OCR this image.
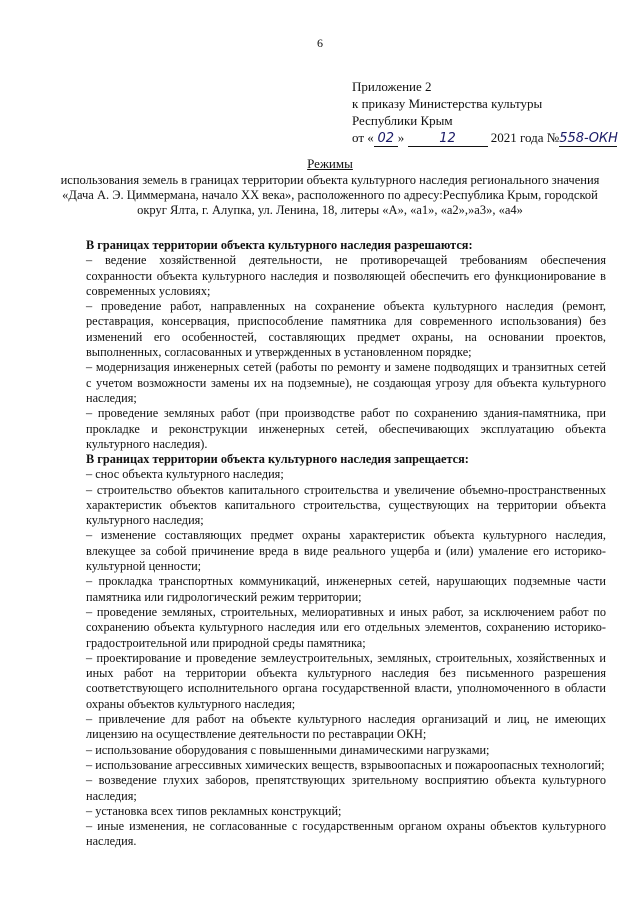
6
Приложение 2
к приказу Министерства культуры
Республики Крым
от « 02 »	12	2021 года №558-ОКН
Режимы
использования земель в границах территории объекта культурного наследия регионального значения «Дача А. Э. Циммермана, начало XX века», расположенного по адресу:Республика Крым, городской округ Ялта, г. Алупка, ул. Ленина, 18, литеры «А», «а1», «а2»,»а3», «а4»
В границах территории объекта культурного наследия разрешаются:

– ведение хозяйственной деятельности, не противоречащей требованиям обеспечения сохранности объекта культурного наследия и позволяющей обеспечить его функционирование в современных условиях;

– проведение работ, направленных на сохранение объекта культурного наследия (ремонт, реставрация, консервация, приспособление памятника для современного использования) без изменений его особенностей, составляющих предмет охраны, на основании проектов, выполненных, согласованных и утвержденных в установленном порядке;

– модернизация инженерных сетей (работы по ремонту и замене подводящих и транзитных сетей с учетом возможности замены их на подземные), не создающая угрозу для объекта культурного наследия;

– проведение земляных работ (при производстве работ по сохранению здания-памятника, при прокладке и реконструкции инженерных сетей, обеспечивающих эксплуатацию объекта культурного наследия).

В границах территории объекта культурного наследия запрещается:

– снос объекта культурного наследия;

– строительство объектов капитального строительства и увеличение объемно-пространственных характеристик объектов капитального строительства, существующих на территории объекта культурного наследия;

– изменение составляющих предмет охраны характеристик объекта культурного наследия, влекущее за собой причинение вреда в виде реального ущерба и (или) умаление его историко-культурной ценности;

– прокладка транспортных коммуникаций, инженерных сетей, нарушающих подземные части памятника или гидрологический режим территории;

– проведение земляных, строительных, мелиоративных и иных работ, за исключением работ по сохранению объекта культурного наследия или его отдельных элементов, сохранению историко-градостроительной или природной среды памятника;

– проектирование и проведение землеустроительных, земляных, строительных, хозяйственных и иных работ на территории объекта культурного наследия без письменного разрешения соответствующего исполнительного органа государственной власти, уполномоченного в области охраны объектов культурного наследия;

– привлечение для работ на объекте культурного наследия организаций и лиц, не имеющих лицензию на осуществление деятельности по реставрации ОКН;

– использование оборудования с повышенными динамическими нагрузками;

– использование агрессивных химических веществ, взрывоопасных и пожароопасных технологий;

– возведение глухих заборов, препятствующих зрительному восприятию объекта культурного наследия;

– установка всех типов рекламных конструкций;

– иные изменения, не согласованные с государственным органом охраны объектов культурного наследия.
